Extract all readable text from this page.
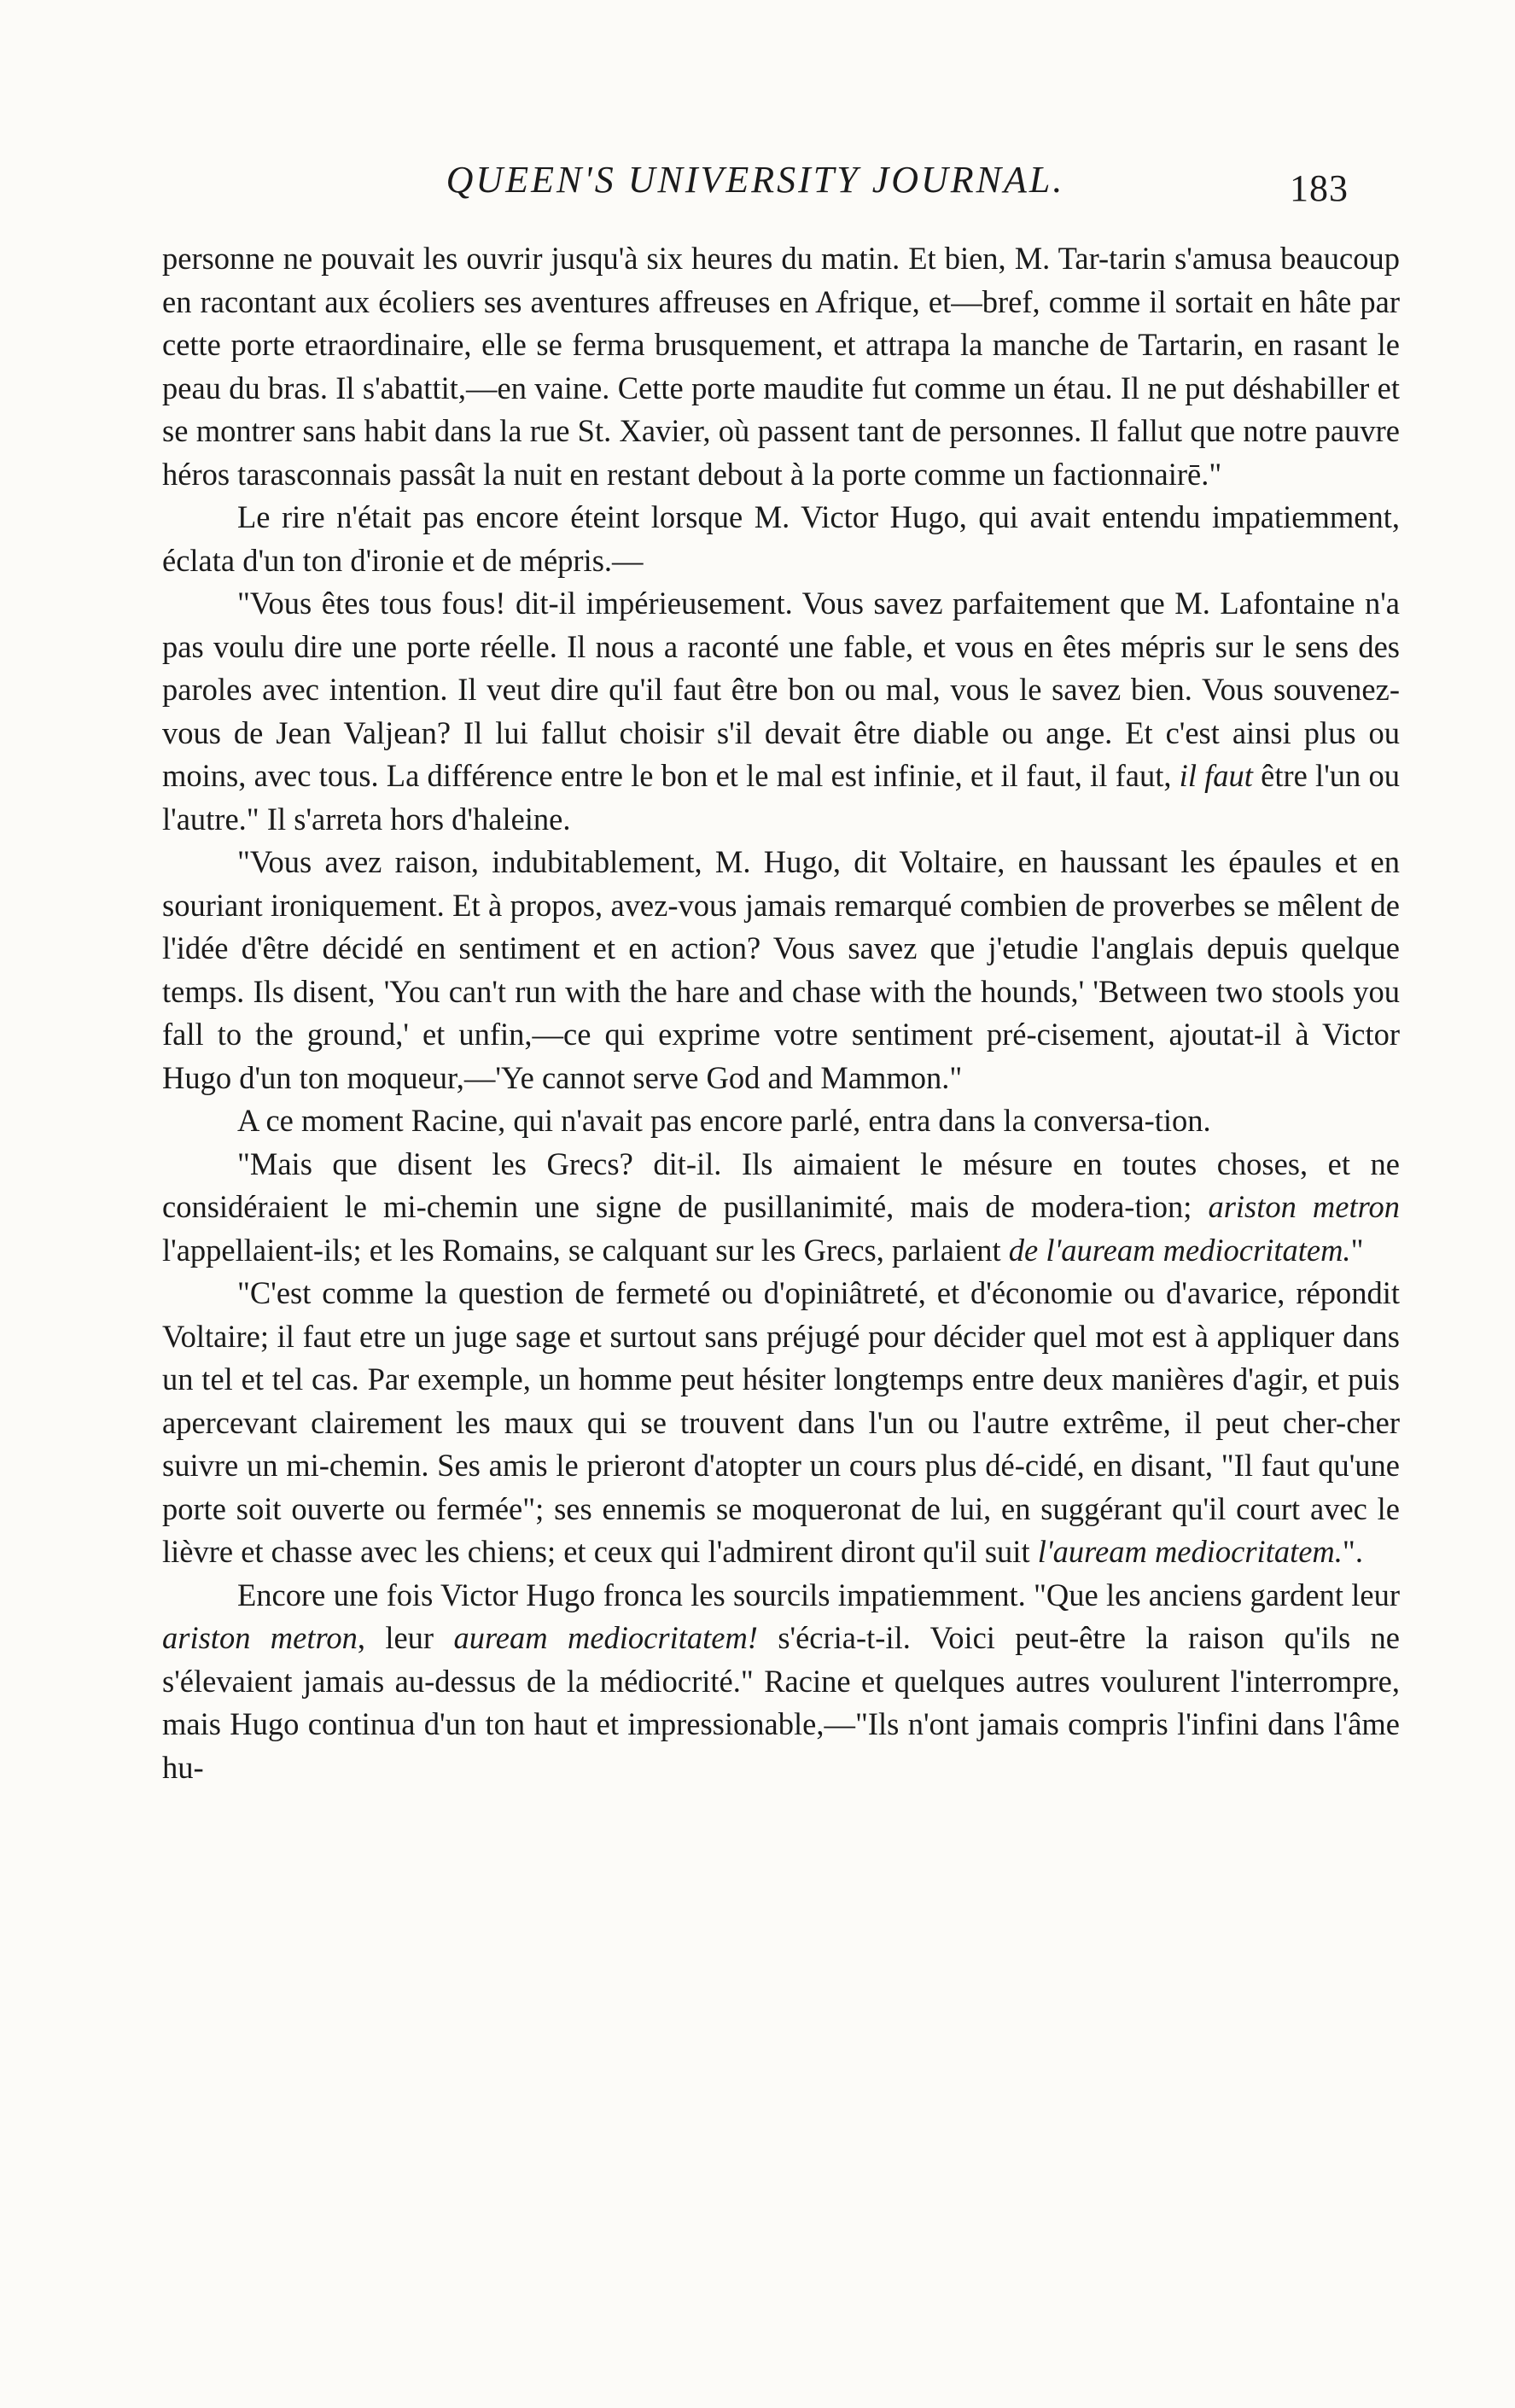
QUEEN'S UNIVERSITY JOURNAL.	183

personne ne pouvait les ouvrir jusqu'à six heures du matin. Et bien, M. Tar-tarin s'amusa beaucoup en racontant aux écoliers ses aventures affreuses en Afrique, et—bref, comme il sortait en hâte par cette porte etraordinaire, elle se ferma brusquement, et attrapa la manche de Tartarin, en rasant le peau du bras. Il s'abattit,—en vaine. Cette porte maudite fut comme un étau. Il ne put déshabiller et se montrer sans habit dans la rue St. Xavier, où passent tant de personnes. Il fallut que notre pauvre héros tarasconnais passât la nuit en restant debout à la porte comme un factionnairē."

Le rire n'était pas encore éteint lorsque M. Victor Hugo, qui avait entendu impatiemment, éclata d'un ton d'ironie et de mépris.—

"Vous êtes tous fous! dit-il impérieusement. Vous savez parfaitement que M. Lafontaine n'a pas voulu dire une porte réelle. Il nous a raconté une fable, et vous en êtes mépris sur le sens des paroles avec intention. Il veut dire qu'il faut être bon ou mal, vous le savez bien. Vous souvenez-vous de Jean Valjean? Il lui fallut choisir s'il devait être diable ou ange. Et c'est ainsi plus ou moins, avec tous. La différence entre le bon et le mal est infinie, et il faut, il faut, il faut être l'un ou l'autre." Il s'arreta hors d'haleine.

"Vous avez raison, indubitablement, M. Hugo, dit Voltaire, en haussant les épaules et en souriant ironiquement. Et à propos, avez-vous jamais remarqué combien de proverbes se mêlent de l'idée d'être décidé en sentiment et en action? Vous savez que j'etudie l'anglais depuis quelque temps. Ils disent, 'You can't run with the hare and chase with the hounds,' 'Between two stools you fall to the ground,' et unfin,—ce qui exprime votre sentiment pré-cisement, ajoutat-il à Victor Hugo d'un ton moqueur,—'Ye cannot serve God and Mammon."

A ce moment Racine, qui n'avait pas encore parlé, entra dans la conversa-tion.

"Mais que disent les Grecs? dit-il. Ils aimaient le mésure en toutes choses, et ne considéraient le mi-chemin une signe de pusillanimité, mais de modera-tion; ariston metron l'appellaient-ils; et les Romains, se calquant sur les Grecs, parlaient de l'auream mediocritatem."

"C'est comme la question de fermeté ou d'opiniâtreté, et d'économie ou d'avarice, répondit Voltaire; il faut etre un juge sage et surtout sans préjugé pour décider quel mot est à appliquer dans un tel et tel cas. Par exemple, un homme peut hésiter longtemps entre deux manières d'agir, et puis apercevant clairement les maux qui se trouvent dans l'un ou l'autre extrême, il peut cher-cher suivre un mi-chemin. Ses amis le prieront d'atopter un cours plus dé-cidé, en disant, "Il faut qu'une porte soit ouverte ou fermée"; ses ennemis se moqueronat de lui, en suggérant qu'il court avec le lièvre et chasse avec les chiens; et ceux qui l'admirent diront qu'il suit l'auream mediocritatem.".

Encore une fois Victor Hugo fronca les sourcils impatiemment. "Que les anciens gardent leur ariston metron, leur auream mediocritatem! s'écria-t-il. Voici peut-être la raison qu'ils ne s'élevaient jamais au-dessus de la médiocrité." Racine et quelques autres voulurent l'interrompre, mais Hugo continua d'un ton haut et impressionable,—"Ils n'ont jamais compris l'infini dans l'âme hu-
